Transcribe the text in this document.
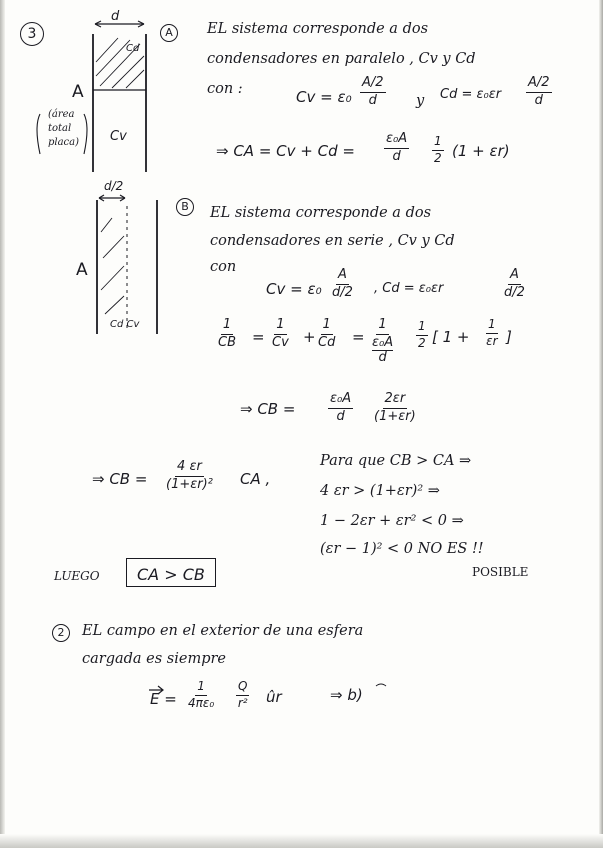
3	A
d
Cd
Cv
A
(área
total
placa)
EL sistema corresponde a dos
condensadores en paralelo , Cv y Cd
con :	$Cv = \varepsilon_0 \frac{A/2}{d}$ y $Cd = \varepsilon_0\varepsilon r \frac{A/2}{d}$
⇒ CA = $Cv + Cd = \frac{\text{ε₀A}}{d} \frac{1}{2} (1 + \varepsilon r)$
d/2
A
Cd Cv
B	EL sistema corresponde a dos
condensadores en serie , Cv y Cd
con
$Cv = \varepsilon_0 \frac{A}{d/2}$ , Cd = ε₀εr	$\frac{A}{d/2}$
$\frac{1}{CB} = \frac{1}{Cv} + \frac{1}{Cd} = 1$
ε₀A
d $\frac{1}{2}$ [ $1 + \frac{1}{\varepsilon r}$ ]
⇒ CB =	$\frac{\text{ε₀A}}{d} \frac{2\varepsilon r}{(1+\varepsilon r)}$
⇒ CB = $\frac{4 \varepsilon r}{\text{(1+εr)²}}$ CA ,
Para que CB > CA ⇒
4 εr > (1+εr)² ⇒
1 − 2εr + εr² < 0 ⇒
(εr − 1)² < 0 NO ES !!
POSIBLE
LUEGO	CA > CB
2	EL campo en el exterior de una esfera
cargada es siempre
$E = \frac{1}{\text{4πε₀}} \frac{Q}{\text{r²}}$ ûr	⇒ b)
